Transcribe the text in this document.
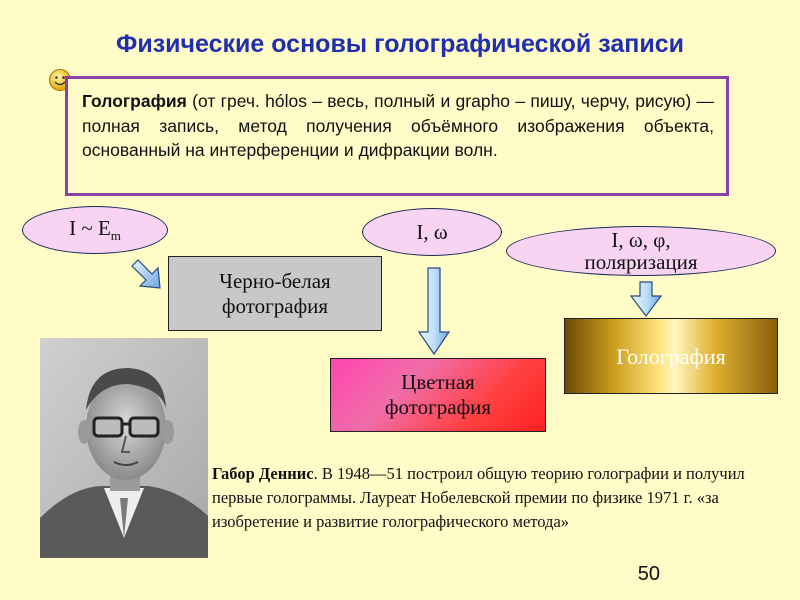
Физические основы голографической записи

Голография (от греч. hólos – весь, полный и grapho – пишу, черчу, рисую) — полная запись, метод получения объёмного изображения объекта, основанный на интерференции и дифракции волн.

I ~ $E_m$	I, ω	I, ω, φ, поляризация
Черно-белая фотография
Цветная фотография
Голография
Габор Деннис. В 1948—51 построил общую теорию голографии и получил первые голограммы. Лауреат Нобелевской премии по физике 1971 г. «за изобретение и развитие голографического метода»
50
